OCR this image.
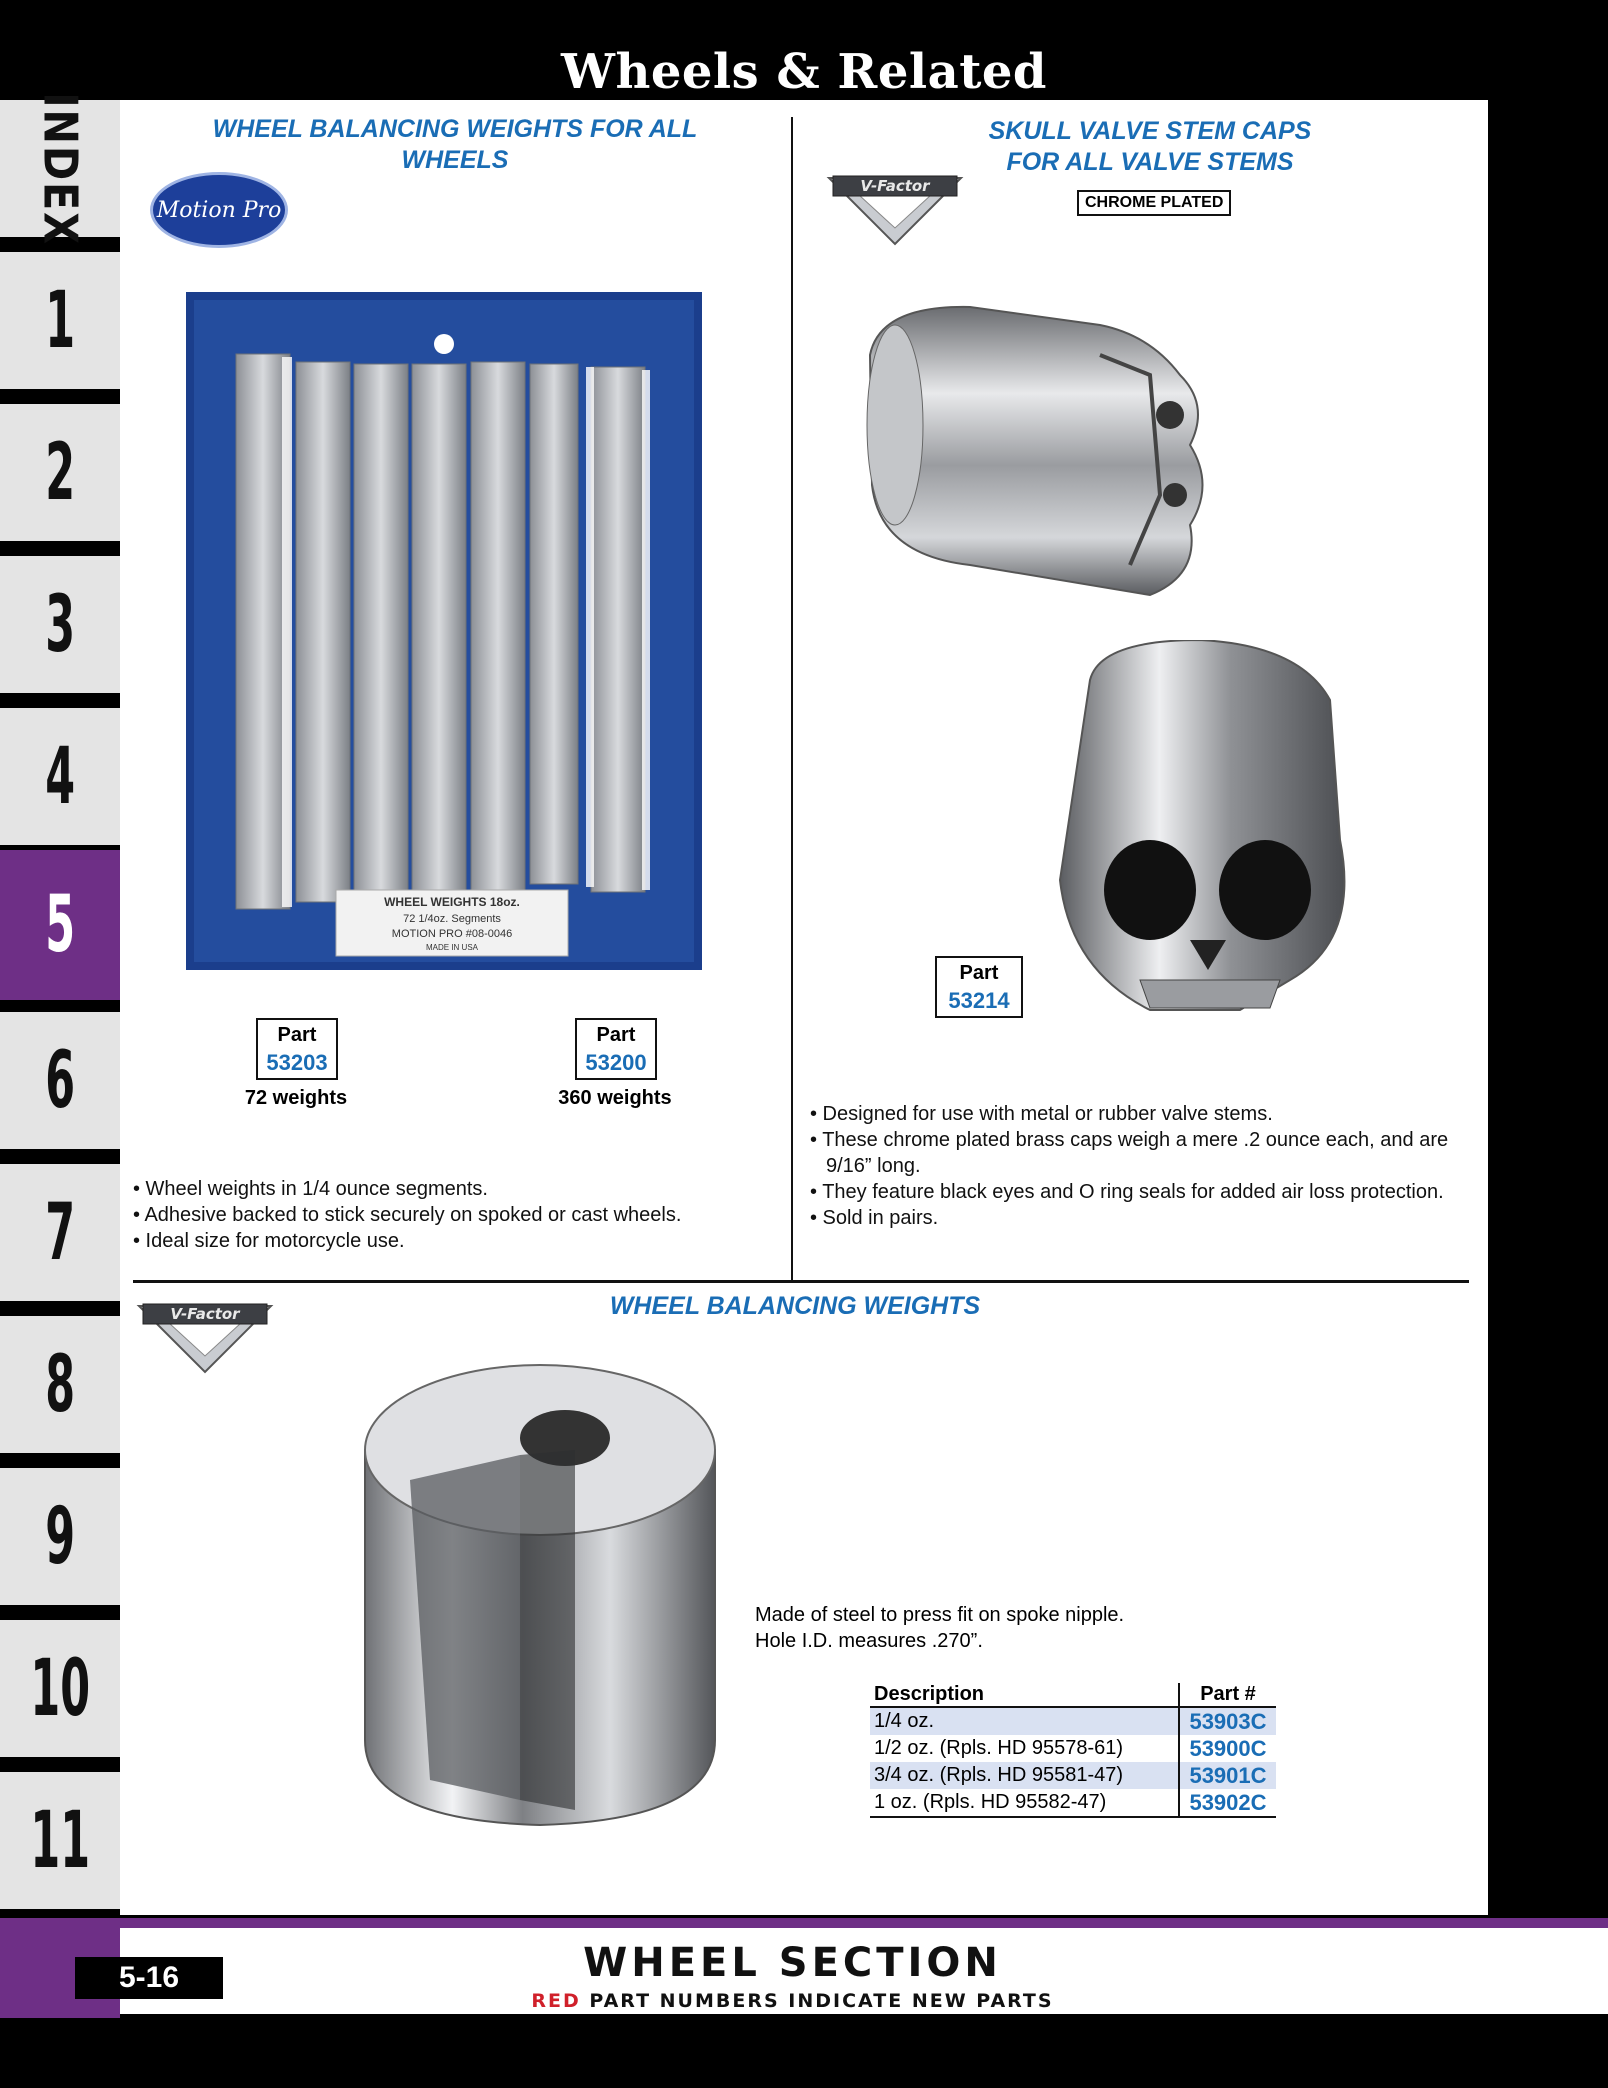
Wheels & Related
INDEX
1
2
3
4
5
6
7
8
9
10
11
WHEEL BALANCING WEIGHTS FOR ALL WHEELS
Motion Pro
WHEEL WEIGHTS 18oz.
72 1/4oz. Segments
MOTION PRO #08-0046
MADE IN USA
Part
53203
72 weights
Part
53200
360 weights
• Wheel weights in 1/4 ounce segments.
• Adhesive backed to stick securely on spoked or cast wheels.
• Ideal size for motorcycle use.
SKULL VALVE STEM CAPS
FOR ALL VALVE STEMS
V-Factor
CHROME PLATED
Part
53214
• Designed for use with metal or rubber valve stems.
• These chrome plated brass caps weigh a mere .2 ounce each, and are 9/16” long.
• They feature black eyes and O ring seals for added air loss protection.
• Sold in pairs.
V-Factor	WHEEL BALANCING WEIGHTS
Made of steel to press fit on spoke nipple.
Hole I.D. measures .270”.
Description	Part #
1/4 oz.	53903C
1/2 oz. (Rpls. HD 95578-61)	53900C
3/4 oz. (Rpls. HD 95581-47)	53901C
1 oz. (Rpls. HD 95582-47)	53902C
5-16	WHEEL SECTION
RED PART NUMBERS INDICATE NEW PARTS
